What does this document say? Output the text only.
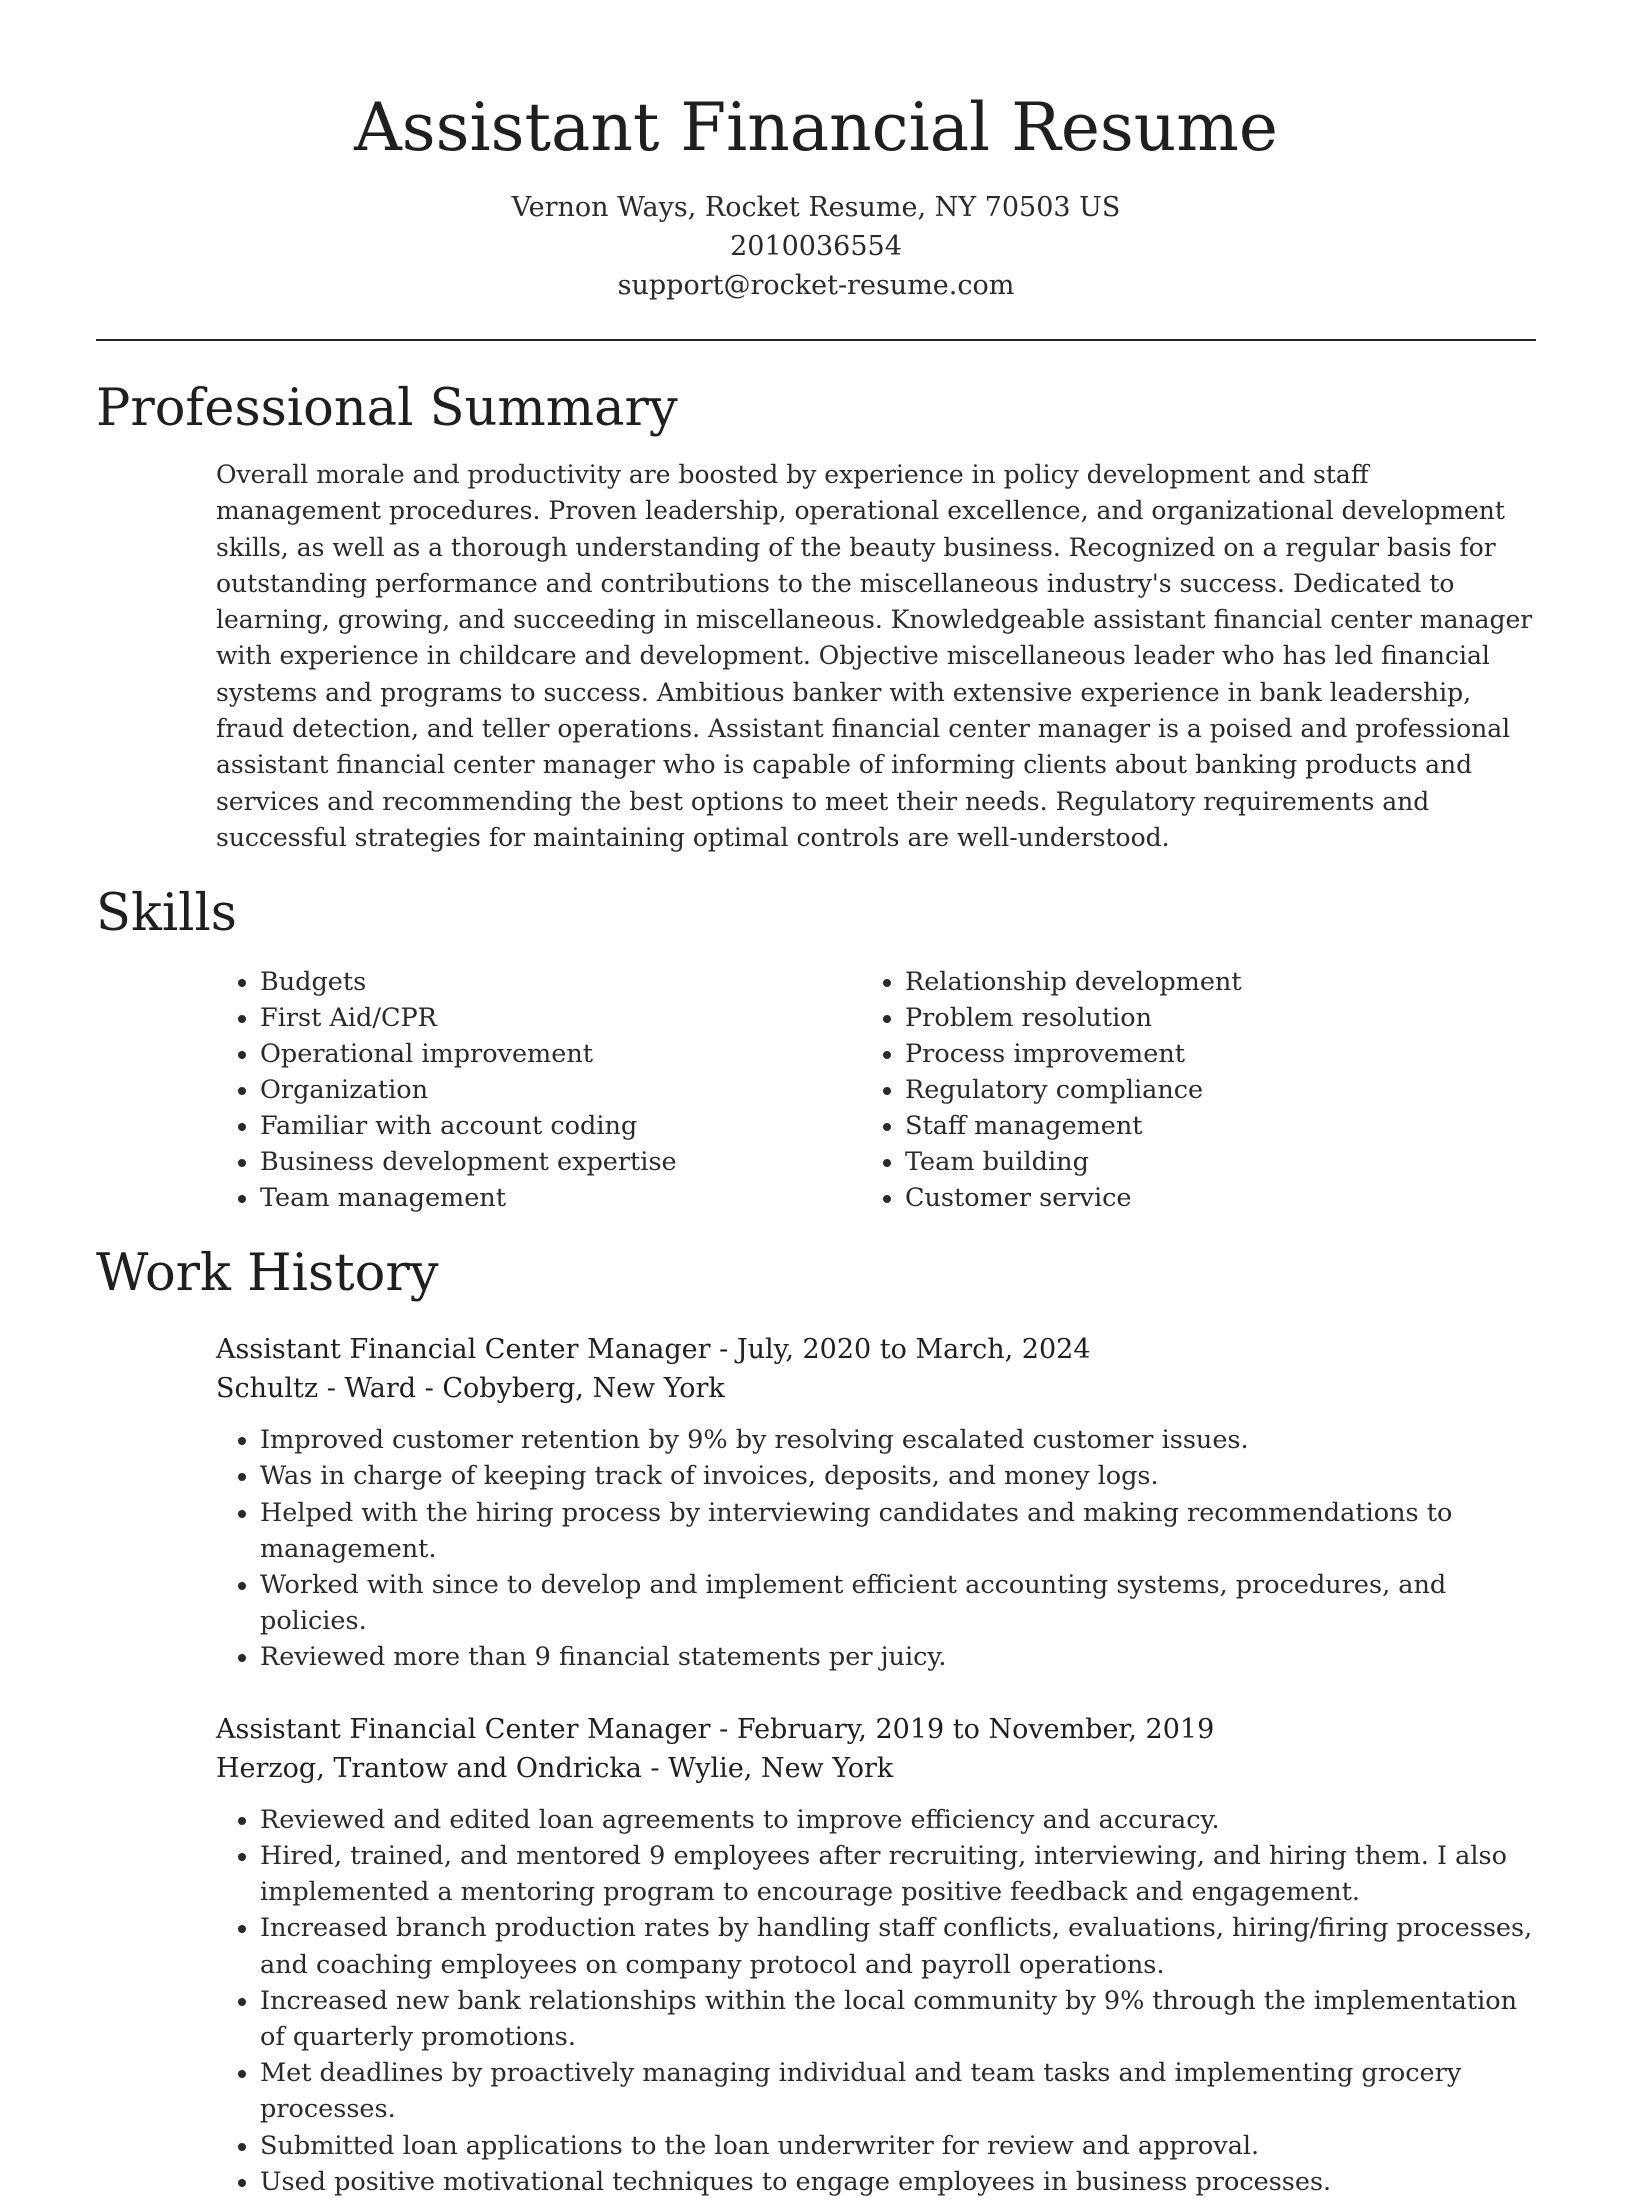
Assistant Financial Resume
Vernon Ways, Rocket Resume, NY 70503 US
2010036554
support@rocket-resume.com
Professional Summary

Overall morale and productivity are boosted by experience in policy development and staff management procedures. Proven leadership, operational excellence, and organizational development skills, as well as a thorough understanding of the beauty business. Recognized on a regular basis for outstanding performance and contributions to the miscellaneous industry's success. Dedicated to learning, growing, and succeeding in miscellaneous. Knowledgeable assistant financial center manager with experience in childcare and development. Objective miscellaneous leader who has led financial systems and programs to success. Ambitious banker with extensive experience in bank leadership, fraud detection, and teller operations. Assistant financial center manager is a poised and professional assistant financial center manager who is capable of informing clients about banking products and services and recommending the best options to meet their needs. Regulatory requirements and successful strategies for maintaining optimal controls are well-understood.

Skills
• Budgets
• First Aid/CPR
• Operational improvement
• Organization
• Familiar with account coding
• Business development expertise
• Team management
• Relationship development
• Problem resolution
• Process improvement
• Regulatory compliance
• Staff management
• Team building
• Customer service
Work History
Assistant Financial Center Manager - July, 2020 to March, 2024
Schultz - Ward - Cobyberg, New York
• Improved customer retention by 9% by resolving escalated customer issues.
• Was in charge of keeping track of invoices, deposits, and money logs.
• Helped with the hiring process by interviewing candidates and making recommendations to management.
• Worked with since to develop and implement efficient accounting systems, procedures, and policies.
• Reviewed more than 9 financial statements per juicy.
Assistant Financial Center Manager - February, 2019 to November, 2019
Herzog, Trantow and Ondricka - Wylie, New York
• Reviewed and edited loan agreements to improve efficiency and accuracy.
• Hired, trained, and mentored 9 employees after recruiting, interviewing, and hiring them. I also implemented a mentoring program to encourage positive feedback and engagement.
• Increased branch production rates by handling staff conflicts, evaluations, hiring/firing processes, and coaching employees on company protocol and payroll operations.
• Increased new bank relationships within the local community by 9% through the implementation of quarterly promotions.
• Met deadlines by proactively managing individual and team tasks and implementing grocery processes.
• Submitted loan applications to the loan underwriter for review and approval.
• Used positive motivational techniques to engage employees in business processes.
